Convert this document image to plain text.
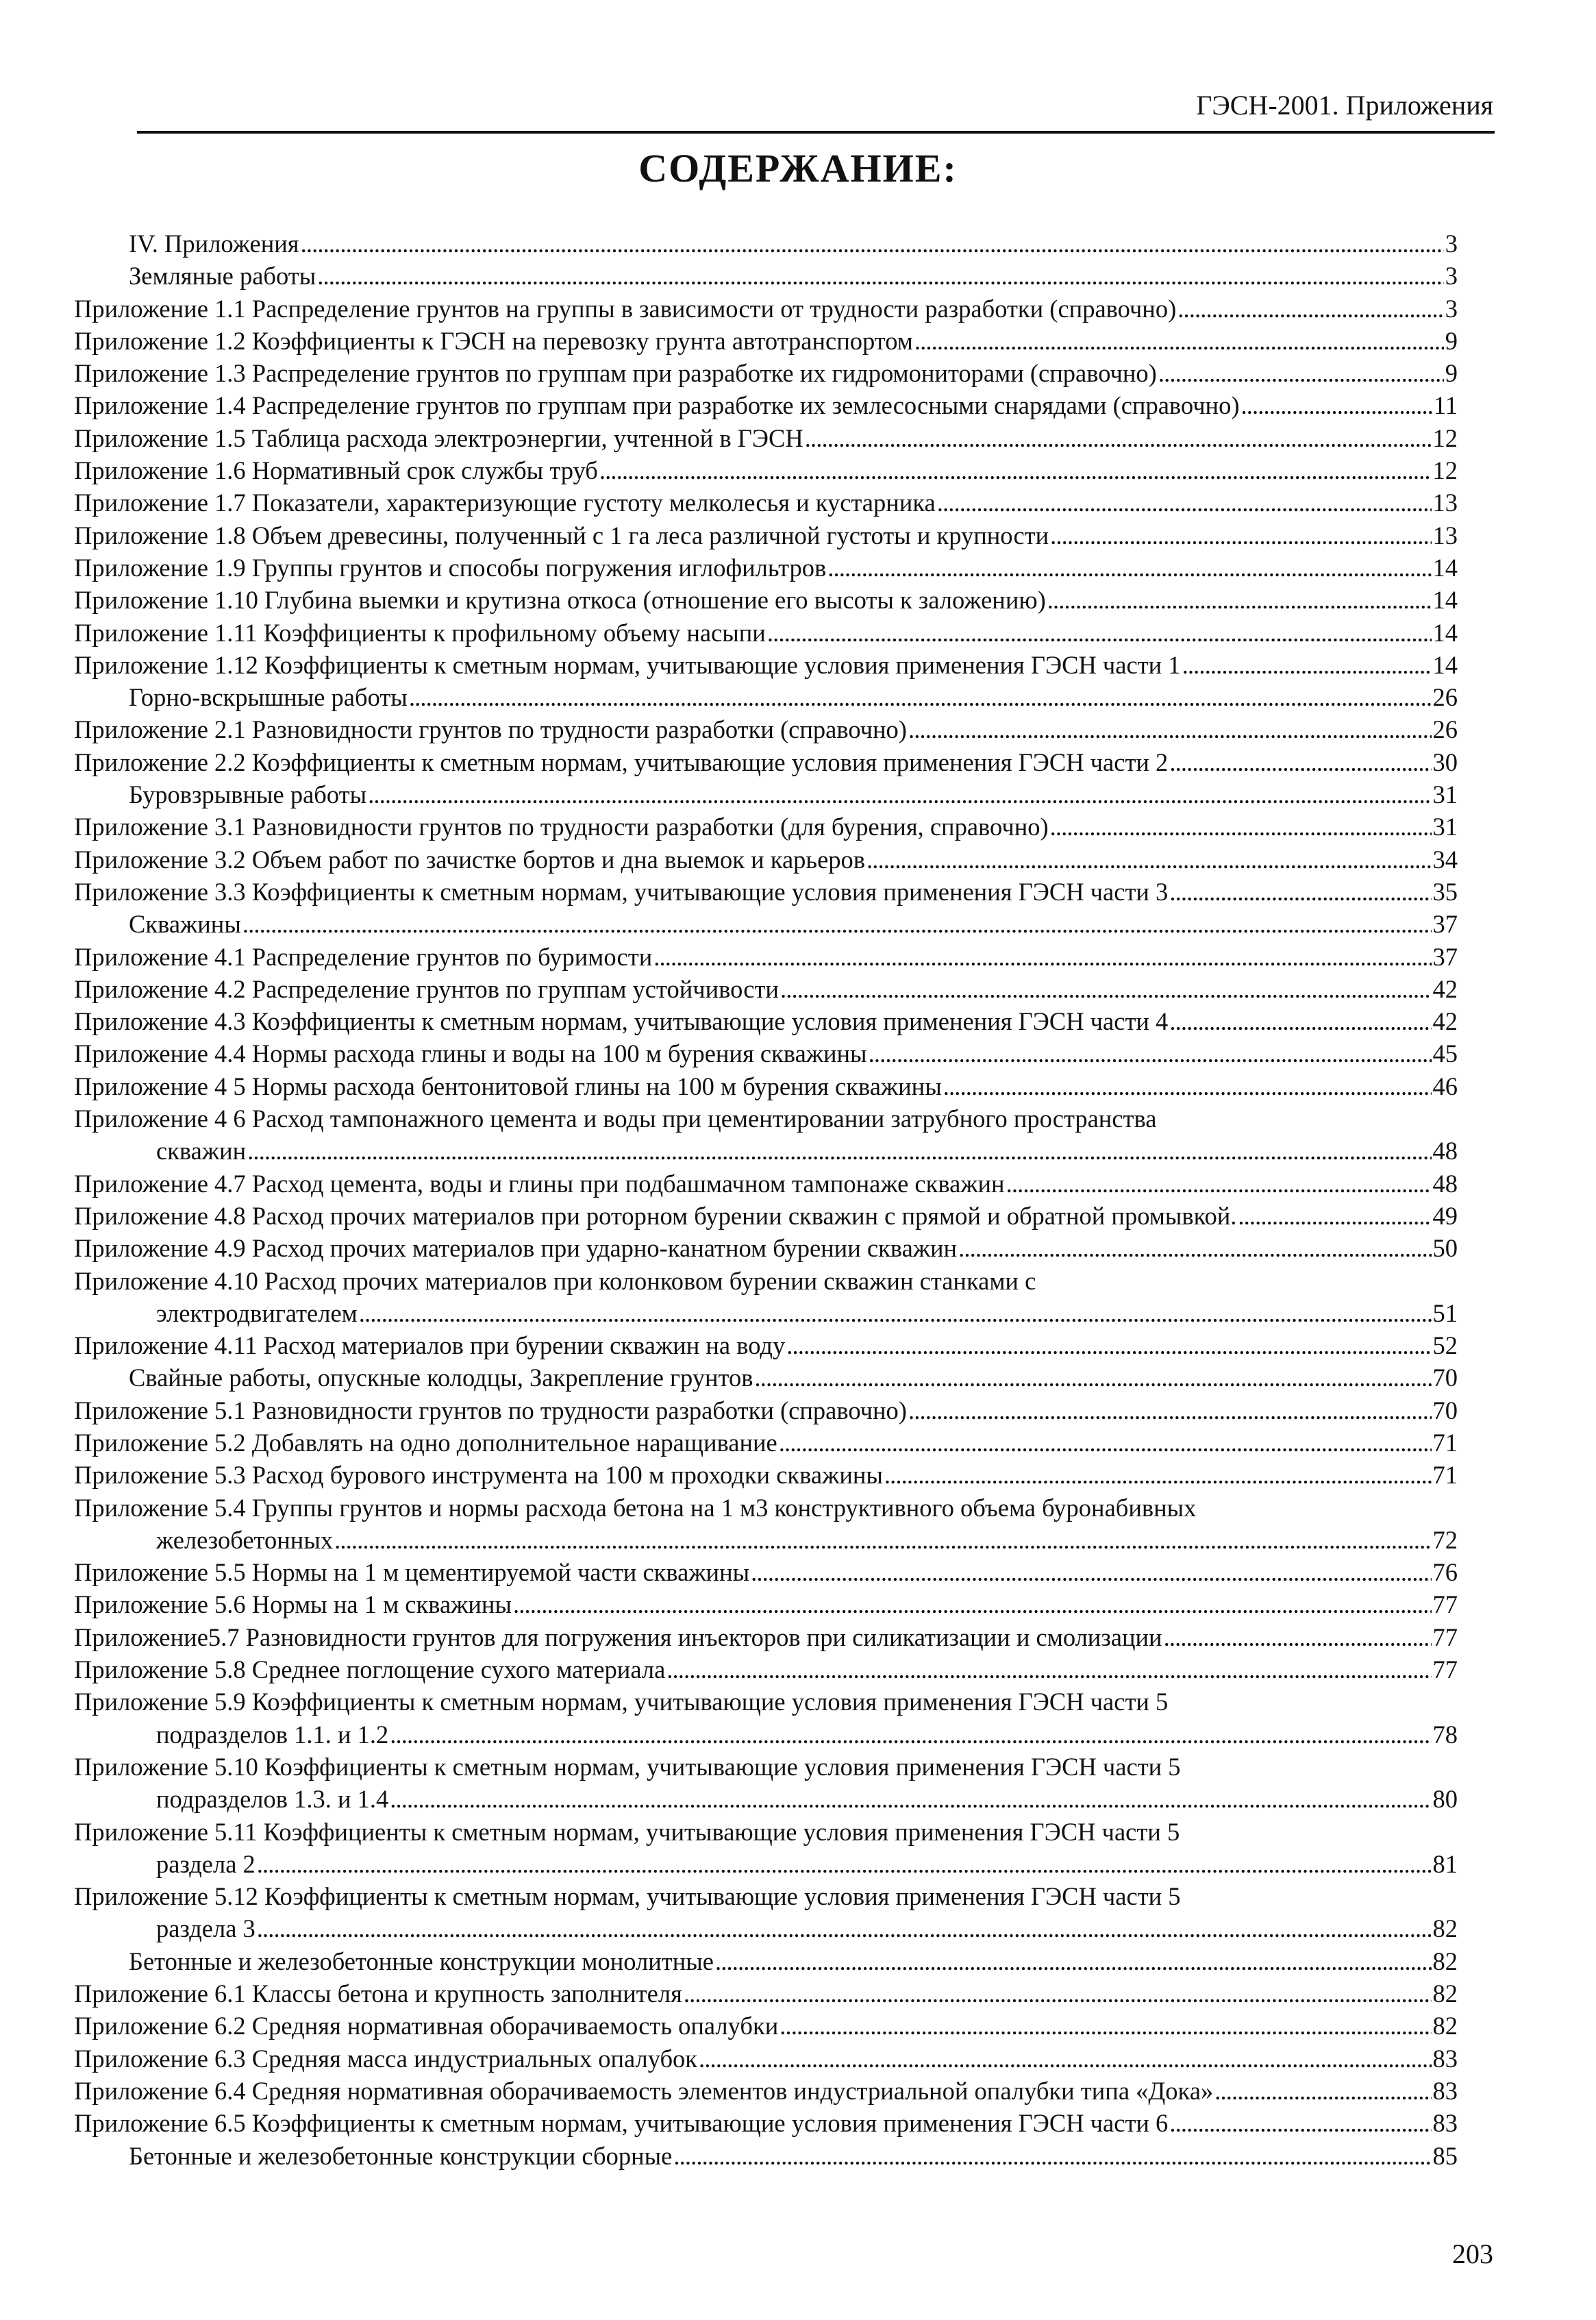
ГЭСН-2001. Приложения
СОДЕРЖАНИЕ:
IV. Приложения . . .	3
Земляные работы . . .	3
Приложение 1.1 Распределение грунтов на группы в зависимости от трудности разработки (справочно) . . .	3
Приложение 1.2 Коэффициенты к ГЭСН на перевозку грунта автотранспортом . . .	9
Приложение 1.3 Распределение грунтов по группам при разработке их гидромониторами (справочно) . . .	9
Приложение 1.4 Распределение грунтов по группам при разработке их землесосными снарядами (справочно) . . .	11
Приложение 1.5 Таблица расхода электроэнергии, учтенной в ГЭСН . . .	12
Приложение 1.6 Нормативный срок службы труб . . .	12
Приложение 1.7 Показатели, характеризующие густоту мелколесья и кустарника . . .	13
Приложение 1.8 Объем древесины, полученный с 1 га леса различной густоты и крупности . . .	13
Приложение 1.9 Группы грунтов и способы погружения иглофильтров . . .	14
Приложение 1.10 Глубина выемки и крутизна откоса (отношение его высоты к заложению) . . .	14
Приложение 1.11 Коэффициенты к профильному объему насыпи . . .	14
Приложение 1.12 Коэффициенты к сметным нормам, учитывающие условия применения ГЭСН части 1 . . .	14
Горно-вскрышные работы . . .	26
Приложение 2.1 Разновидности грунтов по трудности разработки (справочно) . . .	26
Приложение 2.2 Коэффициенты к сметным нормам, учитывающие условия применения ГЭСН части 2 . . .	30
Буровзрывные работы . . .	31
Приложение 3.1 Разновидности грунтов по трудности разработки (для бурения, справочно) . . .	31
Приложение 3.2 Объем работ по зачистке бортов и дна выемок и карьеров . . .	34
Приложение 3.3 Коэффициенты к сметным нормам, учитывающие условия применения ГЭСН части 3 . . .	35
Скважины . . .	37
Приложение 4.1 Распределение грунтов по буримости . . .	37
Приложение 4.2 Распределение грунтов по группам устойчивости . . .	42
Приложение 4.3 Коэффициенты к сметным нормам, учитывающие условия применения ГЭСН части 4 . . .	42
Приложение 4.4 Нормы расхода глины и воды на 100 м бурения скважины . . .	45
Приложение 4 5 Нормы расхода бентонитовой глины на 100 м бурения скважины . . .	46
Приложение 4 6 Расход тампонажного цемента и воды при цементировании затрубного пространства
скважин . . .	48
Приложение 4.7 Расход цемента, воды и глины при подбашмачном тампонаже скважин . . .	48
Приложение 4.8 Расход прочих материалов при роторном бурении скважин с прямой и обратной промывкой. . . .	49
Приложение 4.9 Расход прочих материалов при ударно-канатном бурении скважин . . .	50
Приложение 4.10 Расход прочих материалов при колонковом бурении скважин станками с
электродвигателем . . .	51
Приложение 4.11 Расход материалов при бурении скважин на воду . . .	52
Свайные работы, опускные колодцы, Закрепление грунтов . . .	70
Приложение 5.1 Разновидности грунтов по трудности разработки (справочно) . . .	70
Приложение 5.2 Добавлять на одно дополнительное наращивание . . .	71
Приложение 5.3 Расход бурового инструмента на 100 м проходки скважины . . .	71
Приложение 5.4 Группы грунтов и нормы расхода бетона на 1 м3 конструктивного объема буронабивных
железобетонных . . .	72
Приложение 5.5 Нормы на 1 м цементируемой части скважины . . .	76
Приложение 5.6 Нормы на 1 м скважины . . .	77
Приложение5.7 Разновидности грунтов для погружения инъекторов при силикатизации и смолизации . . .	77
Приложение 5.8 Среднее поглощение сухого материала . . .	77
Приложение 5.9 Коэффициенты к сметным нормам, учитывающие условия применения ГЭСН части 5
подразделов 1.1. и 1.2 . . .	78
Приложение 5.10 Коэффициенты к сметным нормам, учитывающие условия применения ГЭСН части 5
подразделов 1.3. и 1.4 . . .	80
Приложение 5.11 Коэффициенты к сметным нормам, учитывающие условия применения ГЭСН части 5
раздела 2 . . .	81
Приложение 5.12 Коэффициенты к сметным нормам, учитывающие условия применения ГЭСН части 5
раздела 3 . . .	82
Бетонные и железобетонные конструкции монолитные . . .	82
Приложение 6.1 Классы бетона и крупность заполнителя . . .	82
Приложение 6.2 Средняя нормативная оборачиваемость опалубки . . .	82
Приложение 6.3 Средняя масса индустриальных опалубок . . .	83
Приложение 6.4 Средняя нормативная оборачиваемость элементов индустриальной опалубки типа «Дока» . . .	83
Приложение 6.5 Коэффициенты к сметным нормам, учитывающие условия применения ГЭСН части 6 . . .	83
Бетонные и железобетонные конструкции сборные . . .	85
203
